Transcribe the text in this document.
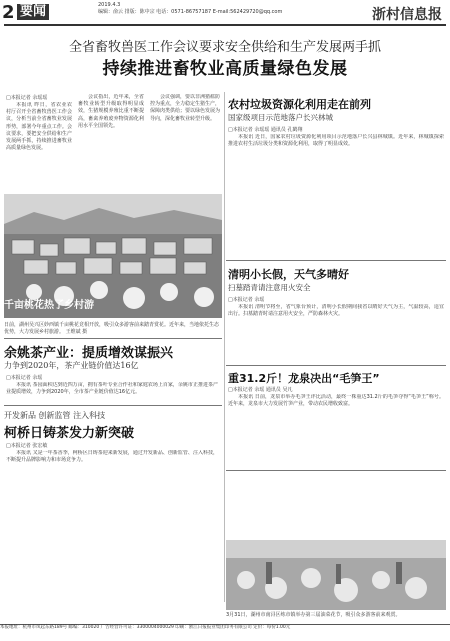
2 要闻	2019.4.3
编辑：俞云 排版：陈中宗 电话：0571-86757187 E-mail:562429720@qq.com	浙村信息报
全省畜牧兽医工作会议要求安全供给和生产发展两手抓
持续推进畜牧业高质量绿色发展
□本报记者 余瑶瑶

本报讯 昨日，省农业农村厅召开全省畜牧兽医工作会议，分析当前全省畜牧业发展形势，部署今年重点工作。会议要求，要把安全供给和生产发展两手抓，持续推进畜牧业高质量绿色发展。

会议指出，近年来，全省畜牧业转型升级取得明显成效，生猪规模养殖比重不断提高，畜禽养殖废弃物资源化利用水平全国领先。

会议强调，要以非洲猪瘟防控为重点，全力稳定生猪生产，保障肉类供给；要以绿色发展为导向，深化畜牧业转型升级。

千亩桃花热了乡村游
日前，湖州吴兴区妙西镇千亩桃花竞相开放，吸引众多游客前来踏青赏花。近年来，当地依托生态优势，大力发展乡村旅游。 王维斌 摄
余姚茶产业：提质增效谋振兴
力争到2020年，茶产业链价值达16亿
□本报记者 余瑶

本报讯 茶园面积达到近四万亩，拥有茶叶专业合作社和家庭农场上百家，余姚市正推进茶产业提质增效，力争到2020年，全市茶产业链价值达16亿元。

开发新品 创新监管 注入科技
柯桥日铸茶发力新突破
□本报记者 张宏敏

本报讯 又是一年茶香季，柯桥区日铸茶迎来新发展，通过开发新品、创新监管、注入科技，不断提升品牌影响力和市场竞争力。

农村垃圾资源化利用走在前列
国家级项目示范地落户长兴林城
□本报记者 余瑶瑶 通讯员 孔鹤翔

本报讯 近日，国家农村垃圾资源化利用项目示范地落户长兴县林城镇。近年来，林城镇探索推进农村生活垃圾分类和资源化利用，取得了明显成效。

清明小长假，天气多晴好
扫墓踏青请注意用火安全
□本报记者 余瑶

本报讯 清明节将至，省气象台预计，清明小长假期间我省以晴好天气为主，气温较高，适宜出行。扫墓踏青时请注意用火安全，严防森林火灾。

重31.2斤！龙泉决出“毛笋王”
□本报记者 余瑶 通讯员 吴凡

本报讯 日前，龙泉市举办毛笋王评比活动，最终一株重达31.2斤的毛笋夺得“毛笋王”称号。近年来，龙泉市大力发展竹笋产业，带动农民增收致富。

3月31日，湖州市南浔区练市镇举办第三届油菜花节，吸引众多游客前来观赏。
本报地址：杭州市凤起东路189号 邮编：310020 广告经营许可证：3300004000029 印刷：浙江日报报业集团印务有限公司 定价：每份1.00元
